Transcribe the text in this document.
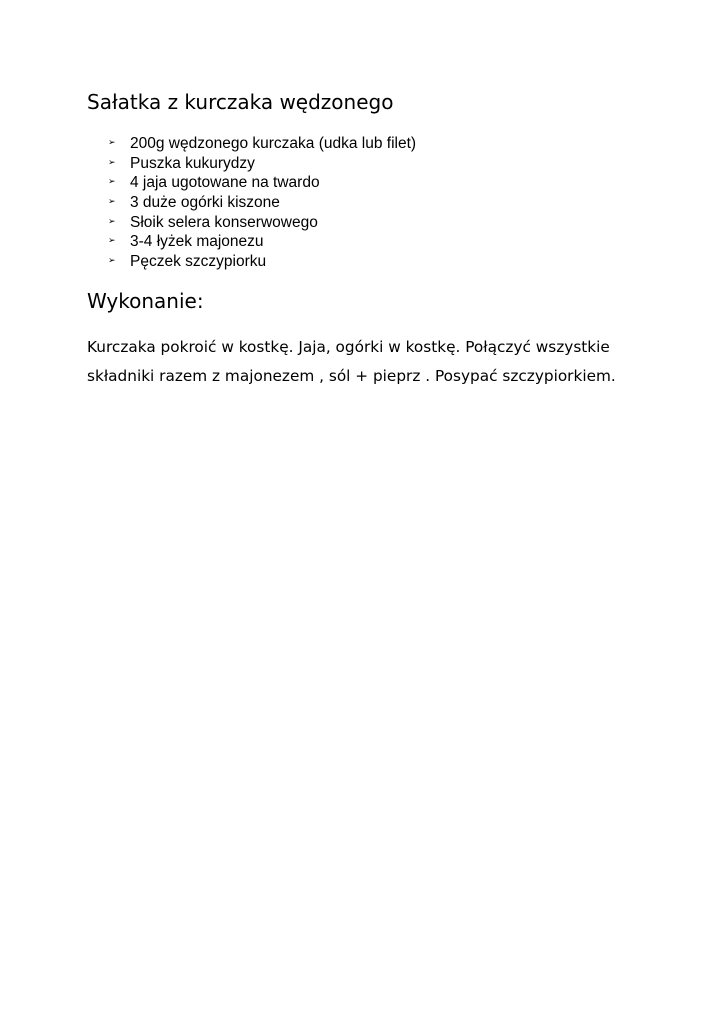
Sałatka z kurczaka wędzonego
➢ 200g wędzonego kurczaka (udka lub filet)
➢ Puszka kukurydzy
➢ 4 jaja ugotowane na twardo
➢ 3 duże ogórki kiszone
➢ Słoik selera konserwowego
➢ 3-4 łyżek majonezu
➢ Pęczek szczypiorku
Wykonanie:

Kurczaka pokroić w kostkę. Jaja, ogórki w kostkę. Połączyć wszystkie składniki razem z majonezem , sól + pieprz . Posypać szczypiorkiem.
